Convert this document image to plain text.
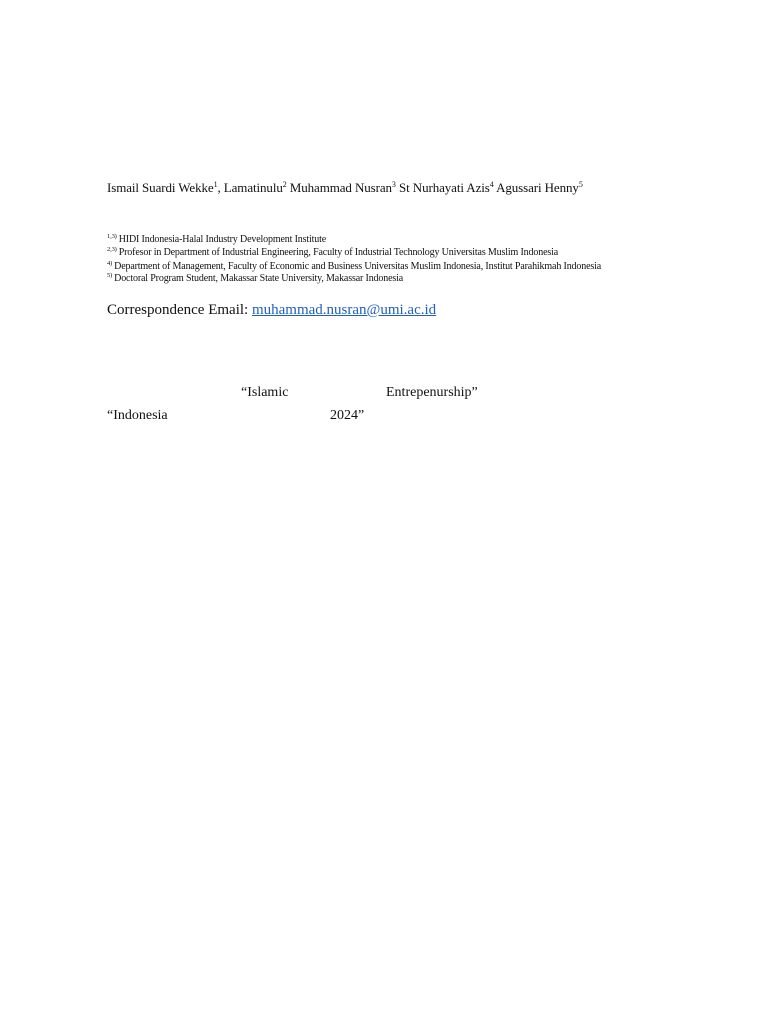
Ismail Suardi Wekke$^1$, Lamatinulu$^2$ Muhammad Nusran$^3$ St Nurhayati Azis$^4$ Agussari Henny$^5$
$^{1,3)}$ HIDI Indonesia-Halal Industry Development Institute
$^{2,3)}$ Profesor in Department of Industrial Engineering, Faculty of Industrial Technology Universitas Muslim Indonesia
$^{4)}$ Department of Management, Faculty of Economic and Business Universitas Muslim Indonesia, Institut Parahikmah Indonesia
$^{5)}$ Doctoral Program Student, Makassar State University, Makassar Indonesia
Correspondence Email: muhammad.nusran@umi.ac.id
“Islamic	Entrepenurship”
“Indonesia	2024”
